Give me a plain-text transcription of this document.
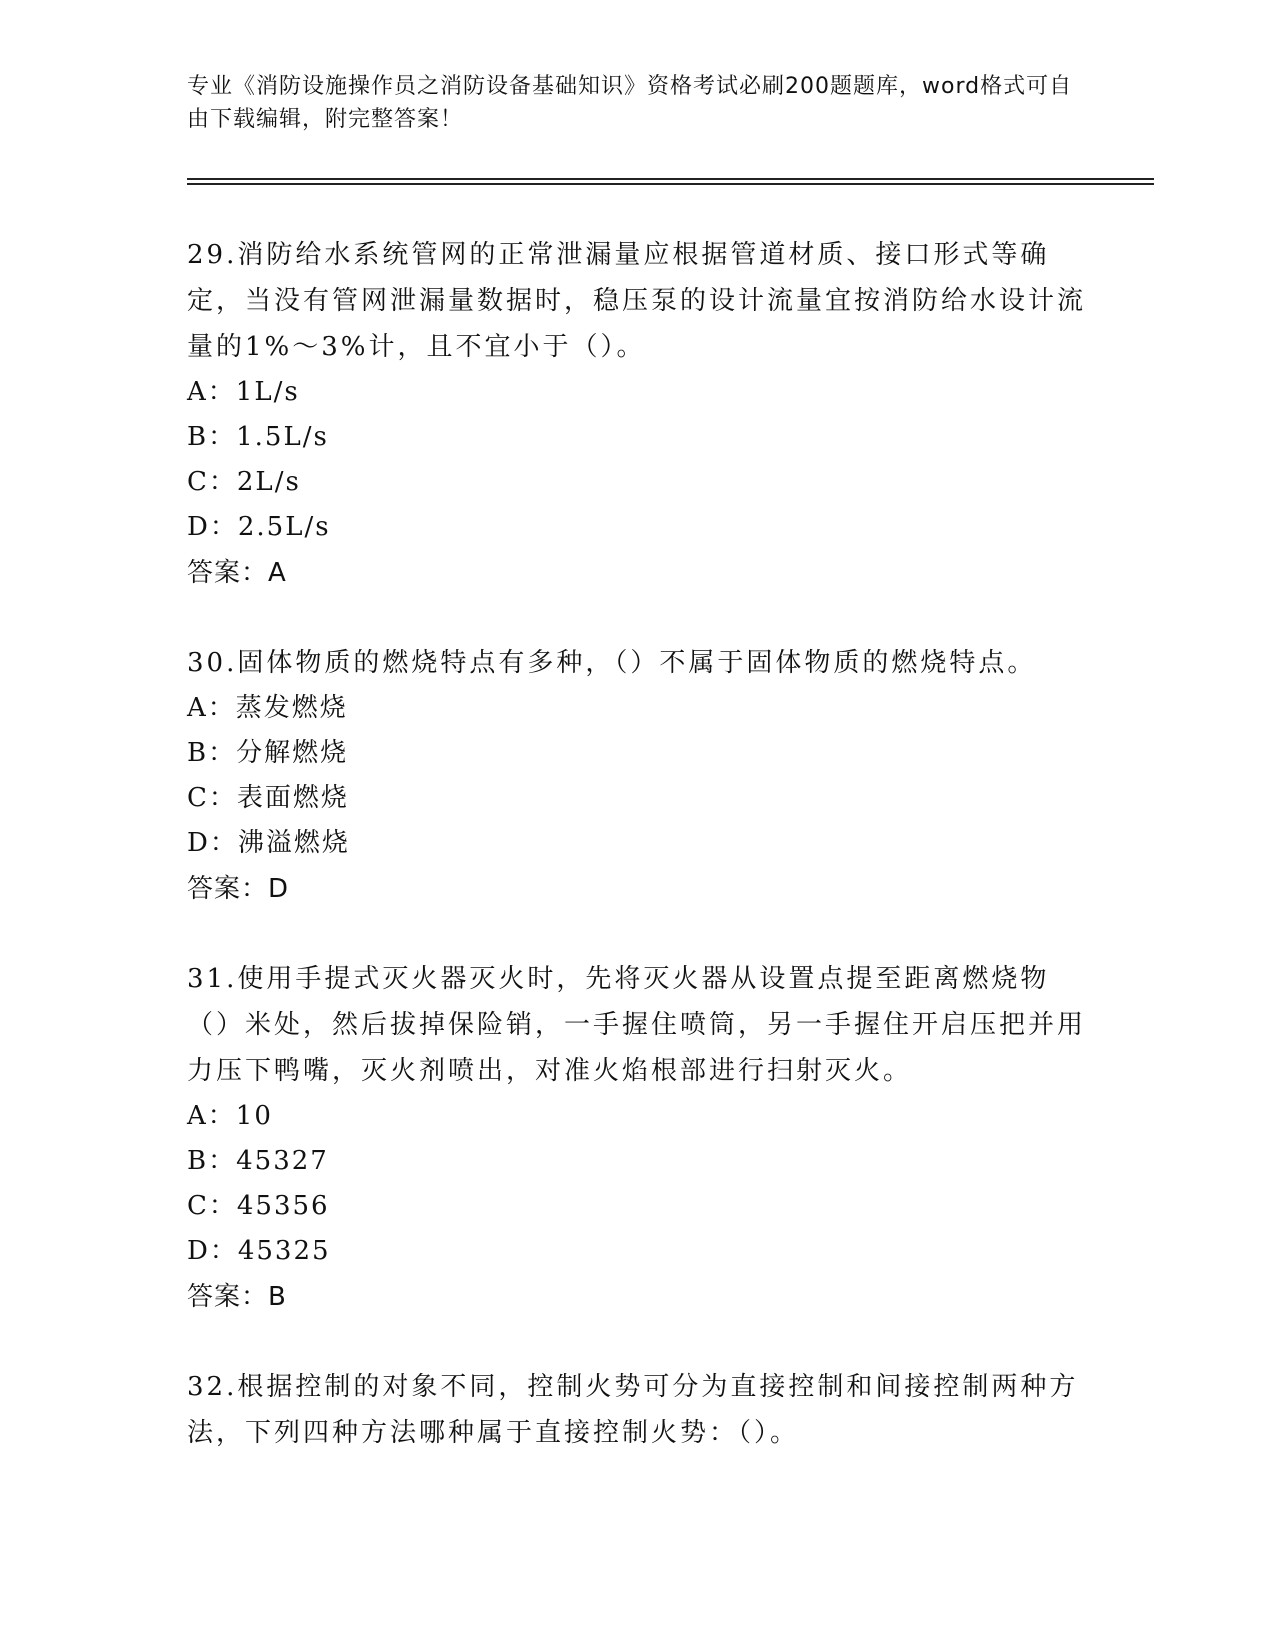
专业《消防设施操作员之消防设备基础知识》资格考试必刷200题题库，word格式可自由下载编辑，附完整答案！
29.消防给水系统管网的正常泄漏量应根据管道材质、接口形式等确定，当没有管网泄漏量数据时，稳压泵的设计流量宜按消防给水设计流量的1%～3%计，且不宜小于（）。
A：1L/s
B：1.5L/s
C：2L/s
D：2.5L/s
答案：A
30.固体物质的燃烧特点有多种，（）不属于固体物质的燃烧特点。
A：蒸发燃烧
B：分解燃烧
C：表面燃烧
D：沸溢燃烧
答案：D
31.使用手提式灭火器灭火时，先将灭火器从设置点提至距离燃烧物（）米处，然后拔掉保险销，一手握住喷筒，另一手握住开启压把并用力压下鸭嘴，灭火剂喷出，对准火焰根部进行扫射灭火。
A：10
B：45327
C：45356
D：45325
答案：B
32.根据控制的对象不同，控制火势可分为直接控制和间接控制两种方法，下列四种方法哪种属于直接控制火势：（）。
